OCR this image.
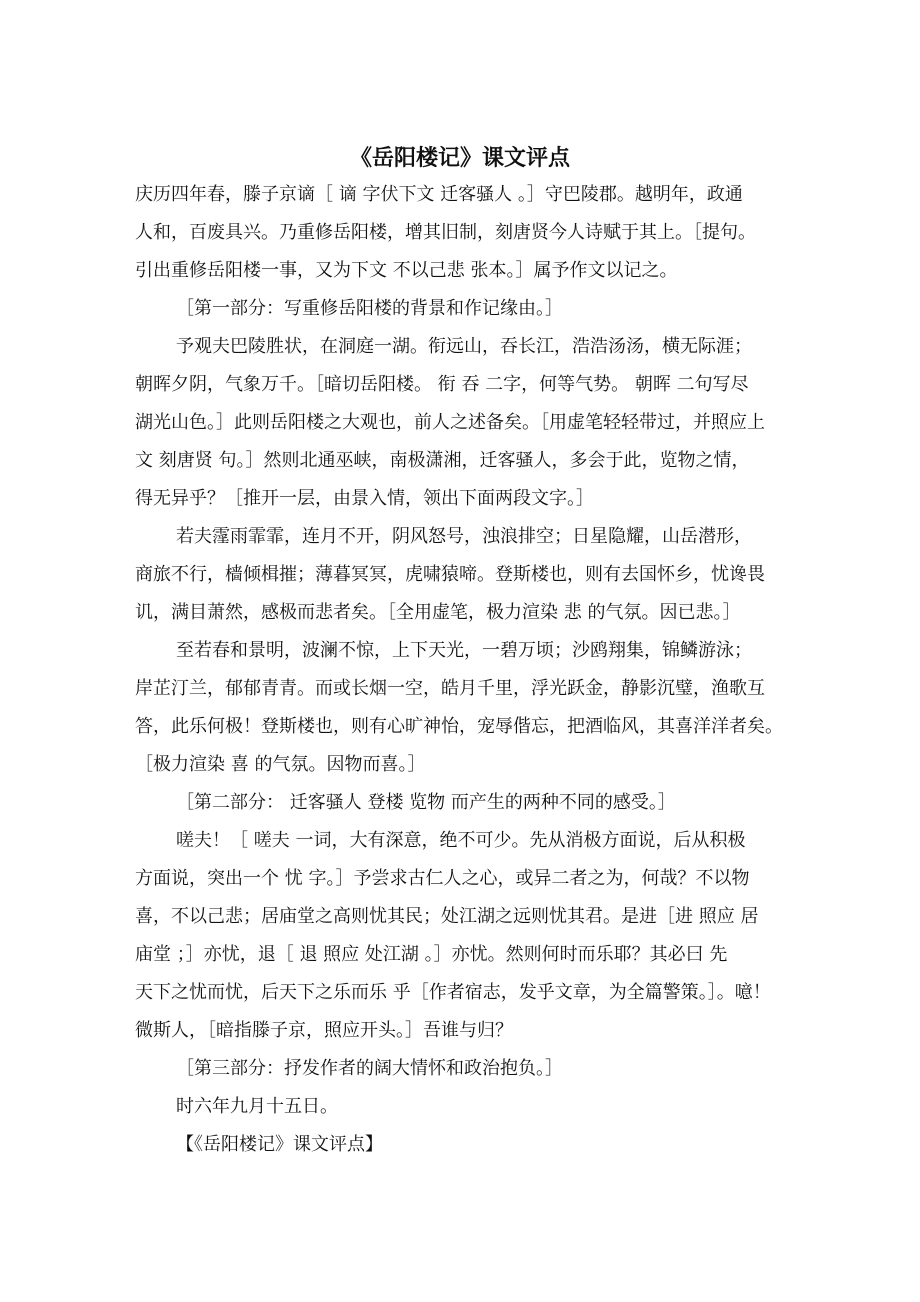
《岳阳楼记》课文评点
庆历四年春，滕子京谪［ 谪 字伏下文 迁客骚人 。］守巴陵郡。越明年，政通
人和，百废具兴。乃重修岳阳楼，增其旧制，刻唐贤今人诗赋于其上。［提句。
引出重修岳阳楼一事，又为下文 不以己悲 张本。］属予作文以记之。
［第一部分：写重修岳阳楼的背景和作记缘由。］
予观夫巴陵胜状，在洞庭一湖。衔远山，吞长江，浩浩汤汤，横无际涯；
朝晖夕阴，气象万千。［暗切岳阳楼。 衔 吞 二字，何等气势。 朝晖 二句写尽
湖光山色。］此则岳阳楼之大观也，前人之述备矣。［用虚笔轻轻带过，并照应上
文 刻唐贤 句。］然则北通巫峡，南极潇湘，迁客骚人，多会于此，览物之情，
得无异乎？［推开一层，由景入情，领出下面两段文字。］
若夫霪雨霏霏，连月不开，阴风怒号，浊浪排空；日星隐耀，山岳潜形，
商旅不行，樯倾楫摧；薄暮冥冥，虎啸猿啼。登斯楼也，则有去国怀乡，忧谗畏
讥，满目萧然，感极而悲者矣。［全用虚笔，极力渲染 悲 的气氛。因已悲。］
至若春和景明，波澜不惊，上下天光，一碧万顷；沙鸥翔集，锦鳞游泳；
岸芷汀兰，郁郁青青。而或长烟一空，皓月千里，浮光跃金，静影沉璧，渔歌互
答，此乐何极！登斯楼也，则有心旷神怡，宠辱偕忘，把酒临风，其喜洋洋者矣。
［极力渲染 喜 的气氛。因物而喜。］
［第二部分： 迁客骚人 登楼 览物 而产生的两种不同的感受。］
嗟夫！［ 嗟夫 一词，大有深意，绝不可少。先从消极方面说，后从积极
方面说，突出一个 忧 字。］予尝求古仁人之心，或异二者之为，何哉？不以物
喜，不以己悲；居庙堂之高则忧其民；处江湖之远则忧其君。是进［进 照应 居
庙堂 ；］亦忧，退［ 退 照应 处江湖 。］亦忧。然则何时而乐耶？其必曰 先
天下之忧而忧，后天下之乐而乐 乎［作者宿志，发乎文章，为全篇警策。］。噫！
微斯人，［暗指滕子京，照应开头。］吾谁与归？
［第三部分：抒发作者的阔大情怀和政治抱负。］
时六年九月十五日。
【《岳阳楼记》课文评点】
